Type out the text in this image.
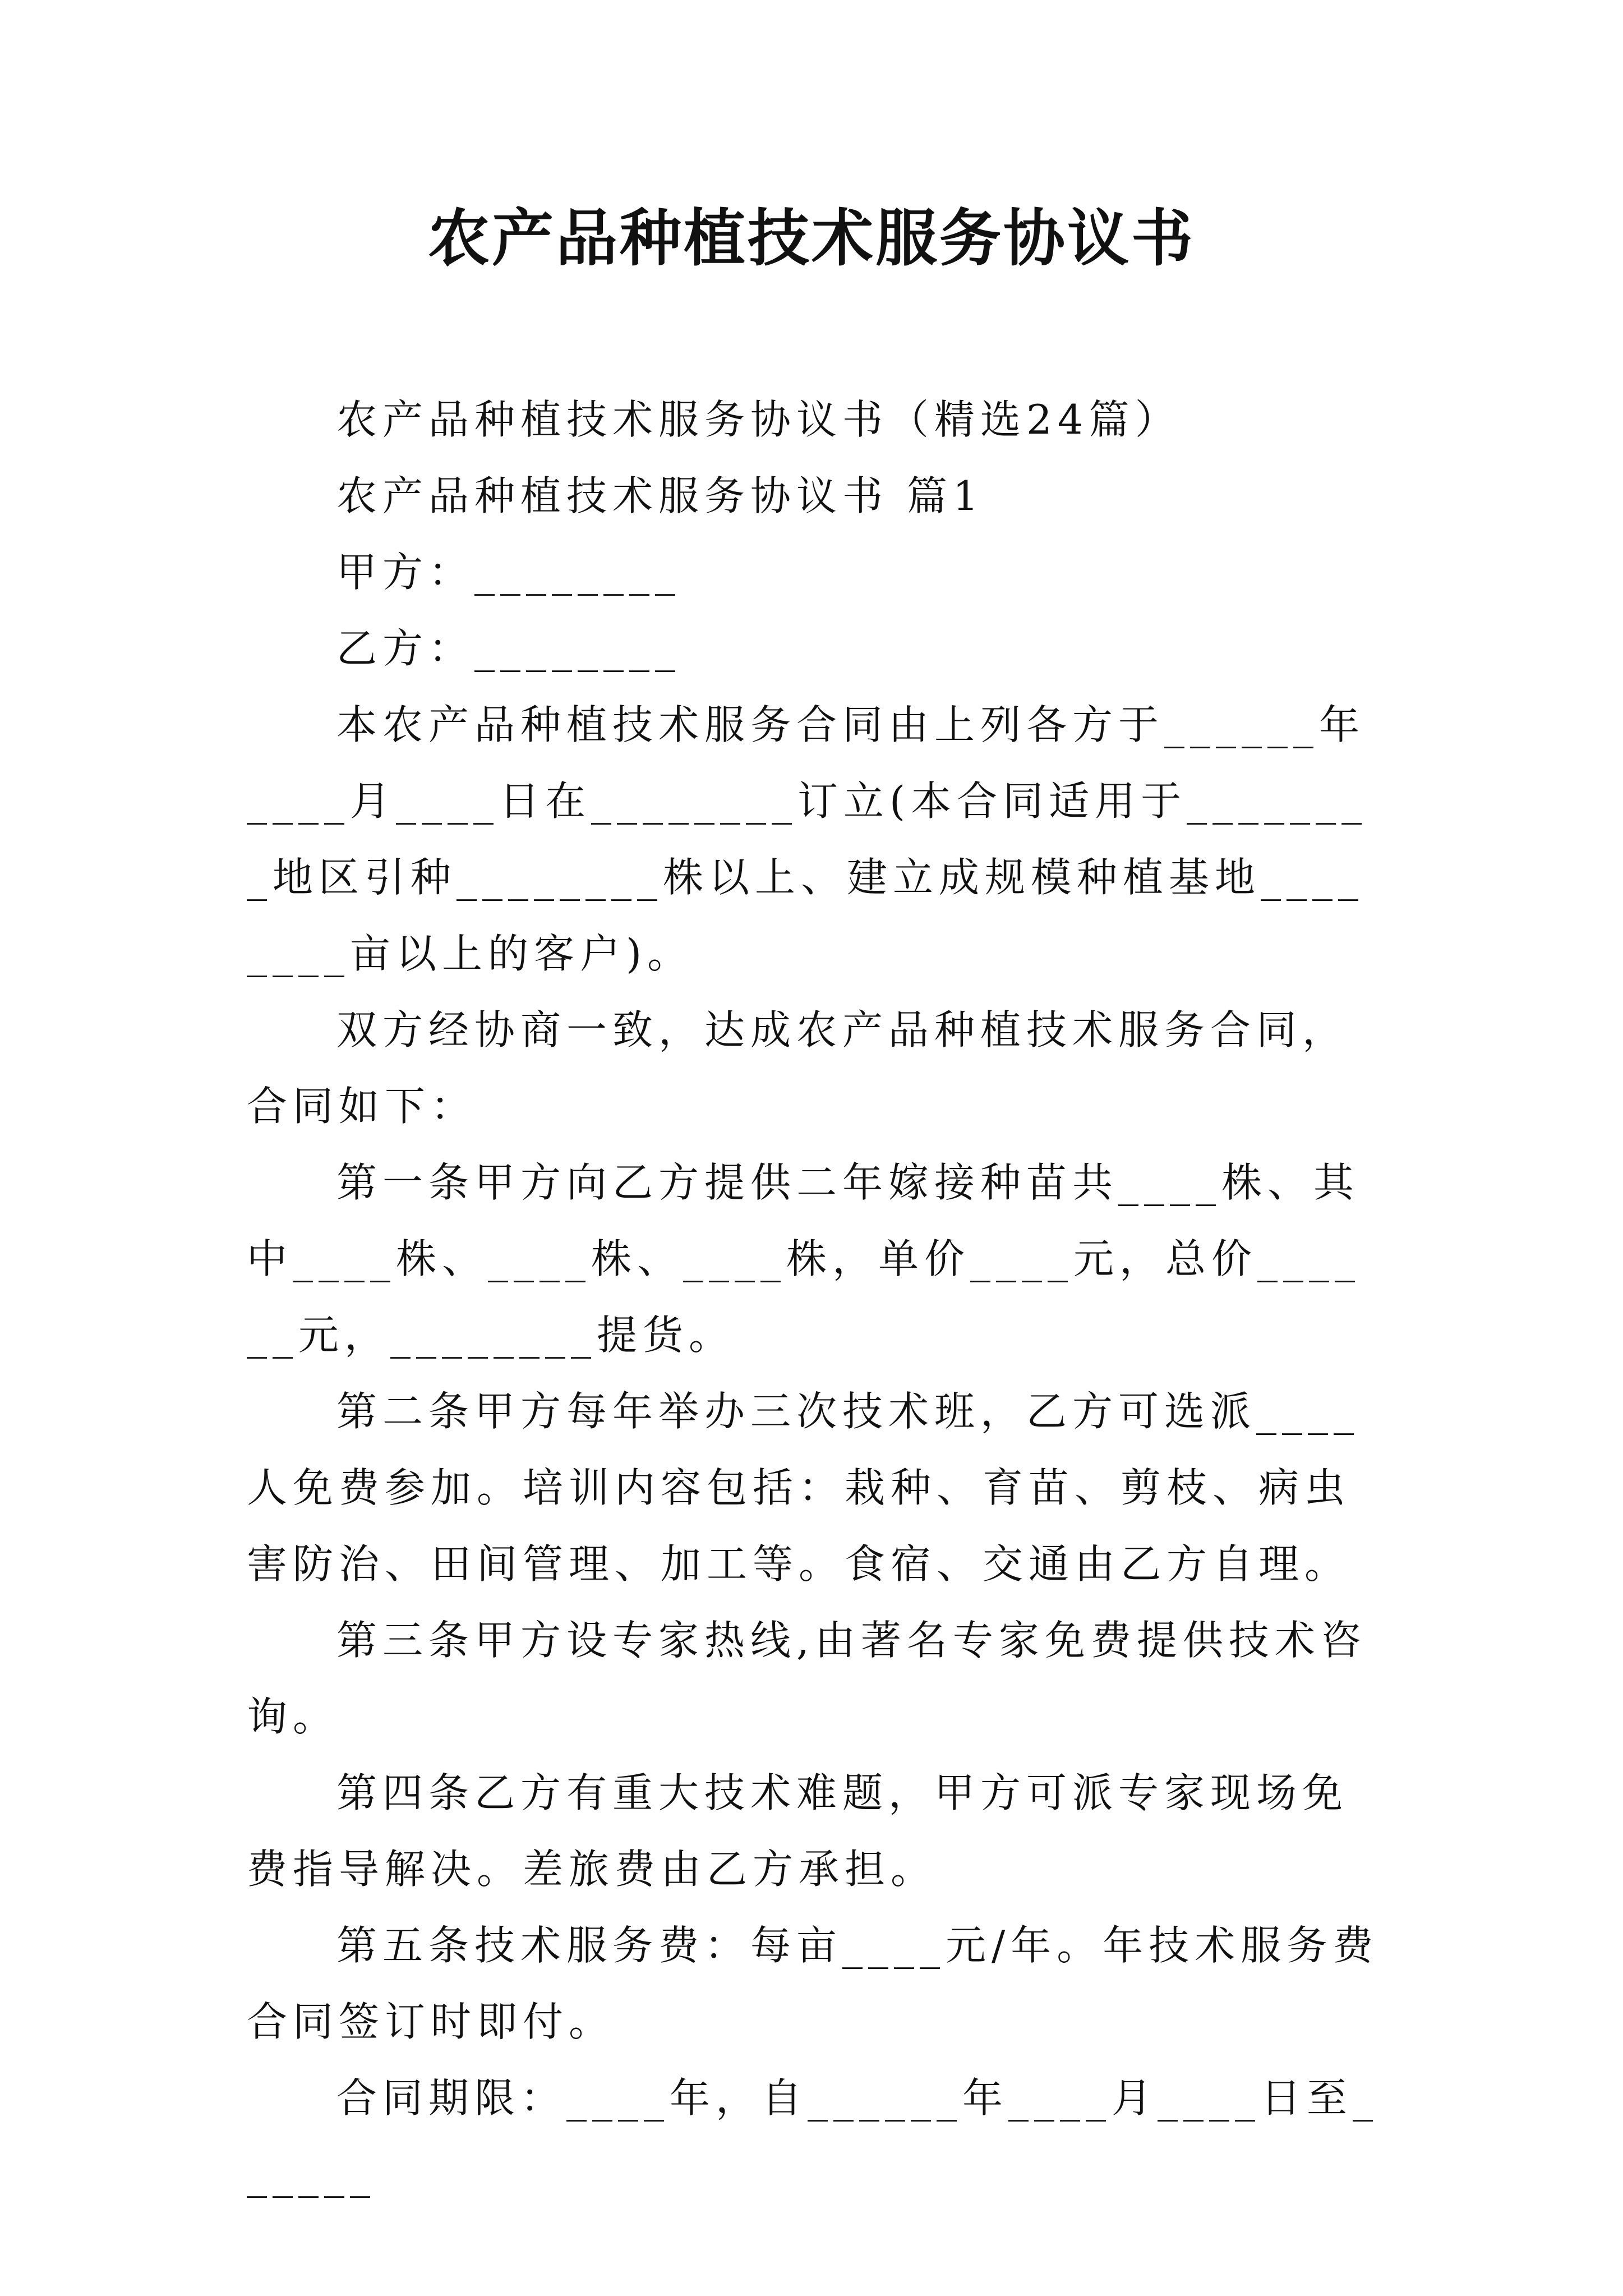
农产品种植技术服务协议书

农产品种植技术服务协议书（精选24篇）

农产品种植技术服务协议书 篇1

甲方：________

乙方：________

本农产品种植技术服务合同由上列各方于______年____月____日在________订立(本合同适用于________地区引种________株以上、建立成规模种植基地________亩以上的客户)。

双方经协商一致，达成农产品种植技术服务合同，合同如下：

第一条甲方向乙方提供二年嫁接种苗共____株、其中____株、____株、____株，单价____元，总价______元，________提货。

第二条甲方每年举办三次技术班，乙方可选派____人免费参加。培训内容包括：栽种、育苗、剪枝、病虫害防治、田间管理、加工等。食宿、交通由乙方自理。

第三条甲方设专家热线,由著名专家免费提供技术咨询。

第四条乙方有重大技术难题，甲方可派专家现场免费指导解决。差旅费由乙方承担。

第五条技术服务费：每亩____元/年。年技术服务费合同签订时即付。

合同期限：____年，自______年____月____日至______
